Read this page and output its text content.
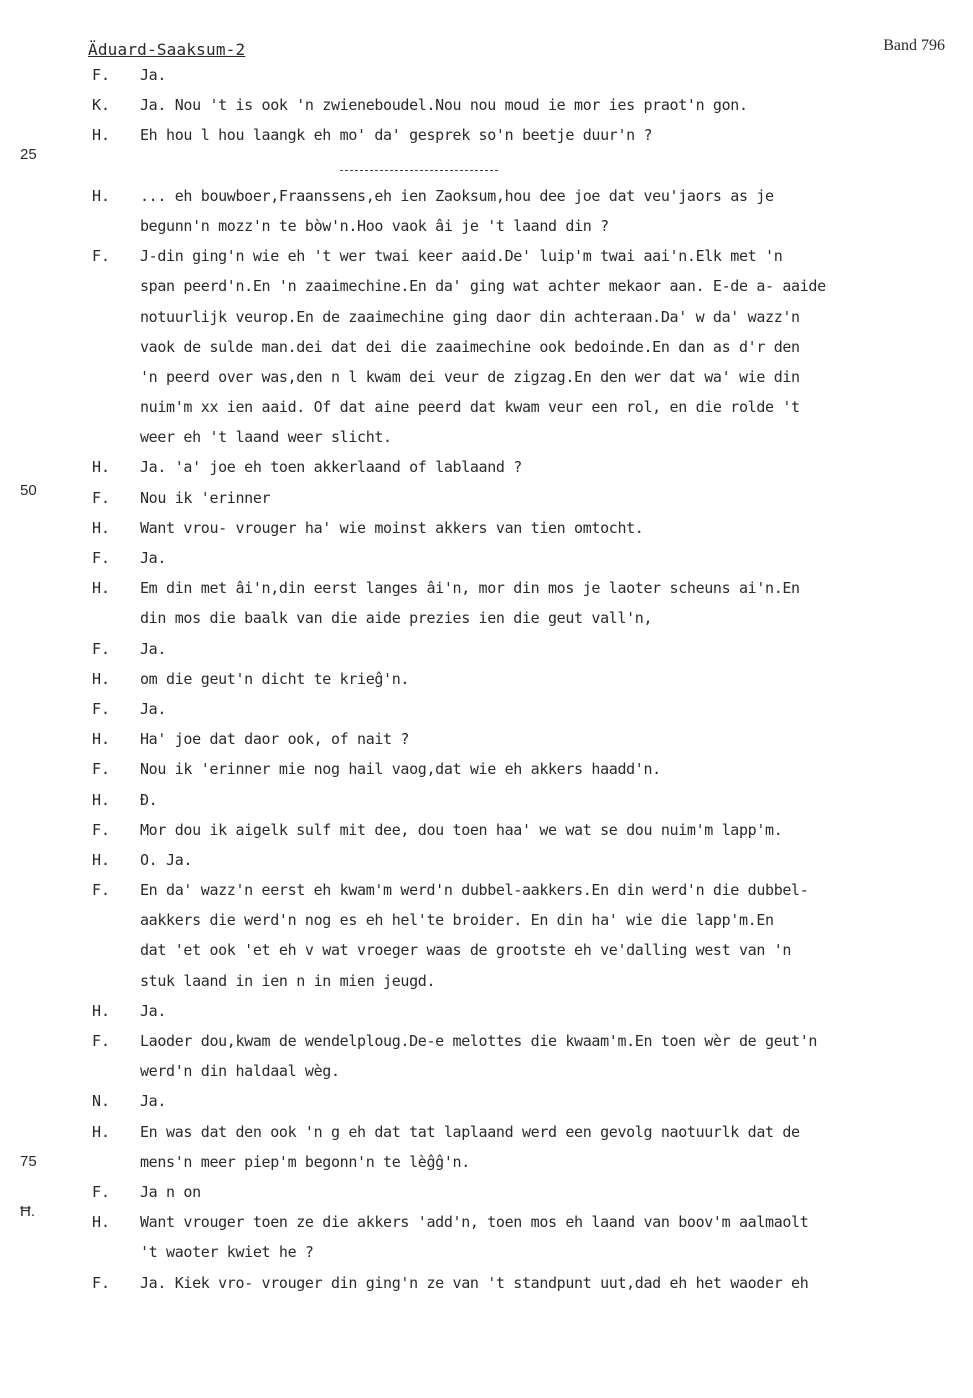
Äduard-Saaksum-2	Band 796
25
50
75
Ħ.
F. Ja.
K. Ja. Nou 't is ook 'n zwieneboudel.Nou nou moud ie mor ies praot'n gon.
H. Eh hou l hou laangk eh mo' da' gesprek so'n beetje duur'n ?
H. ... eh bouwboer,Fraanssens,eh ien Zaoksum,hou dee joe dat veu'jaors as je
begunn'n mozz'n te bòw'n.Hoo vaok âi je 't laand din ?
F. J-din ging'n wie eh 't wer twai keer aaid.De' luip'm twai aai'n.Elk met 'n
span peerd'n.En 'n zaaimechine.En da' ging wat achter mekaor aan. E-de a- aaide
notuurlijk veurop.En de zaaimechine ging daor din achteraan.Da' w da' wazz'n
vaok de sulde man.dei dat dei die zaaimechine ook bedoinde.En dan as d'r den
'n peerd over was,den n l kwam dei veur de zigzag.En den wer dat wa' wie din
nuim'm xx ien aaid. Of dat aine peerd dat kwam veur een rol, en die rolde 't
weer eh 't laand weer slicht.
H. Ja. 'a' joe eh toen akkerlaand of lablaand ?
F. Nou ik 'erinner
H. Want vrou- vrouger ha' wie moinst akkers van tien omtocht.
F. Ja.
H. Em din met âi'n,din eerst langes âi'n, mor din mos je laoter scheuns ai'n.En
din mos die baalk van die aide prezies ien die geut vall'n,
F. Ja.
H. om die geut'n dicht te krieĝ'n.
F. Ja.
H. Ha' joe dat daor ook, of nait ?
F. Nou ik 'erinner mie nog hail vaog,dat wie eh akkers haadd'n.
H. Ð.
F. Mor dou ik aigelk sulf mit dee, dou toen haa' we wat se dou nuim'm lapp'm.
H. O. Ja.
F. En da' wazz'n eerst eh kwam'm werd'n dubbel-aakkers.En din werd'n die dubbel-
aakkers die werd'n nog es eh hel'te broider. En din ha' wie die lapp'm.En
dat 'et ook 'et eh v wat vroeger waas de grootste eh ve'dalling west van 'n
stuk laand in ien n in mien jeugd.
H. Ja.
F. Laoder dou,kwam de wendelploug.De-e melottes die kwaam'm.En toen wèr de geut'n
werd'n din haldaal wèg.
N. Ja.
H. En was dat den ook 'n g eh dat tat laplaand werd een gevolg naotuurlk dat de
mens'n meer piep'm begonn'n te lèĝĝ'n.
F. Ja n on
H. Want vrouger toen ze die akkers 'add'n, toen mos eh laand van boov'm aalmaolt
't waoter kwiet he ?
F. Ja. Kiek vro- vrouger din ging'n ze van 't standpunt uut,dad eh het waoder eh
